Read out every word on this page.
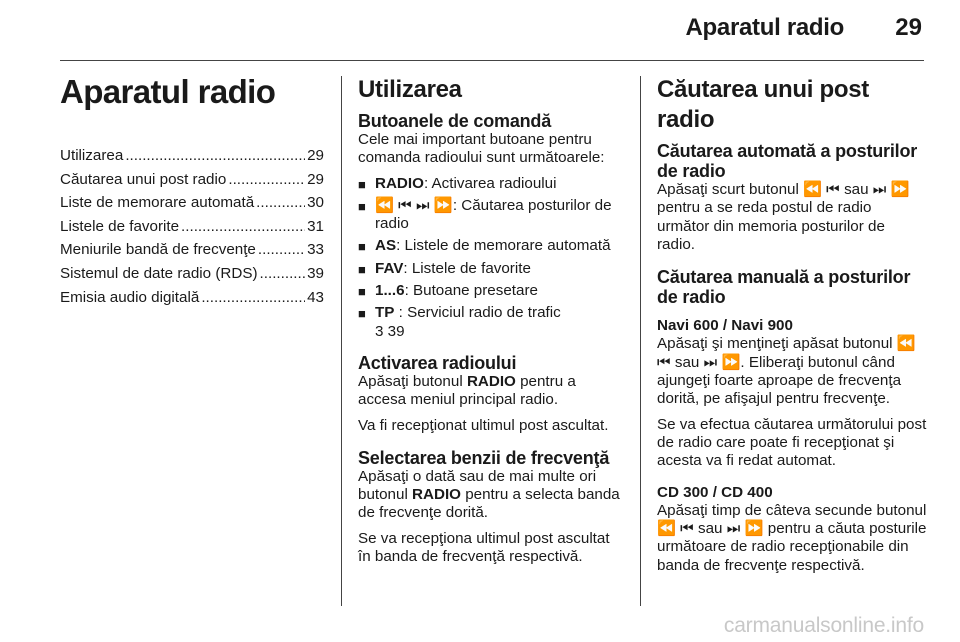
Aparatul radio 29
Aparatul radio
Utilizarea .....	29
Căutarea unui post radio .....	29
Liste de memorare automată .....	30
Listele de favorite .....	31
Meniurile bandă de frecvenţe .....	33
Sistemul de date radio (RDS) .....	39
Emisia audio digitală .....	43
Utilizarea
Butoanele de comandă

Cele mai important butoane pentru comanda radioului sunt următoarele:

■ RADIO: Activarea radioului
■ ⏪ ⏮ ⏭ ⏩: Căutarea posturilor de radio
■ AS: Listele de memorare automată
■ FAV: Listele de favorite
■ 1...6: Butoane presetare
■ TP : Serviciul radio de trafic
3 39
Activarea radioului

Apăsaţi butonul RADIO pentru a accesa meniul principal radio.

Va fi recepţionat ultimul post ascultat.

Selectarea benzii de frecvenţă

Apăsaţi o dată sau de mai multe ori butonul RADIO pentru a selecta banda de frecvenţe dorită.

Se va recepţiona ultimul post ascultat în banda de frecvenţă respectivă.

Căutarea unui post radio
Căutarea automată a posturilor de radio

Apăsaţi scurt butonul ⏪ ⏮ sau ⏭ ⏩ pentru a se reda postul de radio următor din memoria posturilor de radio.

Căutarea manuală a posturilor de radio
Navi 600 / Navi 900

Apăsaţi şi menţineţi apăsat butonul ⏪ ⏮ sau ⏭ ⏩. Eliberaţi butonul când ajungeţi foarte aproape de frecvenţa dorită, pe afişajul pentru frecvenţe.

Se va efectua căutarea următorului post de radio care poate fi recepţionat şi acesta va fi redat automat.

CD 300 / CD 400

Apăsaţi timp de câteva secunde butonul ⏪ ⏮ sau ⏭ ⏩ pentru a căuta posturile următoare de radio recepţionabile din banda de frecvenţe respectivă.

carmanualsonline.info
